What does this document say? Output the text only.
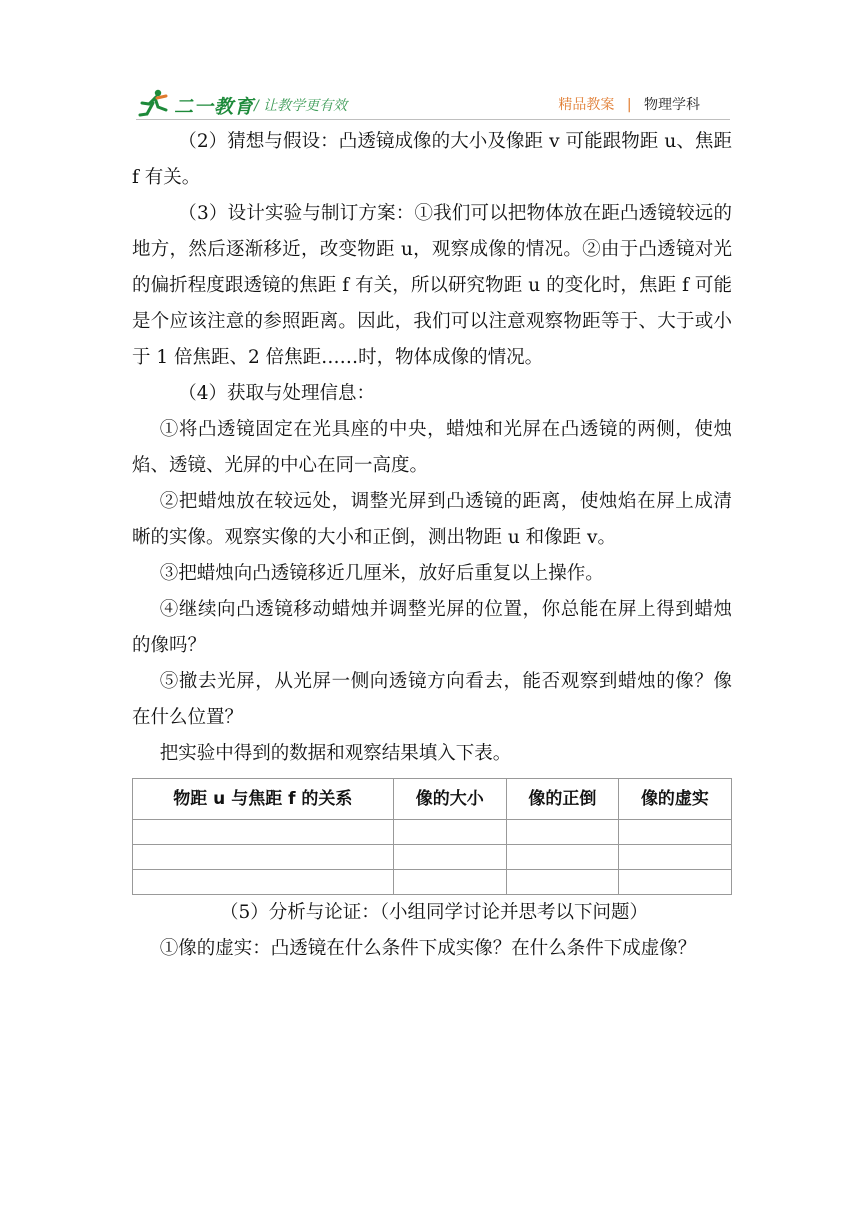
二一教育 / 让教学更有效	精品教案 | 物理学科

（2）猜想与假设：凸透镜成像的大小及像距 v 可能跟物距 u、焦距 f 有关。

（3）设计实验与制订方案：①我们可以把物体放在距凸透镜较远的地方，然后逐渐移近，改变物距 u，观察成像的情况。②由于凸透镜对光的偏折程度跟透镜的焦距 f 有关，所以研究物距 u 的变化时，焦距 f 可能是个应该注意的参照距离。因此，我们可以注意观察物距等于、大于或小于 1 倍焦距、2 倍焦距……时，物体成像的情况。

（4）获取与处理信息：

①将凸透镜固定在光具座的中央，蜡烛和光屏在凸透镜的两侧，使烛焰、透镜、光屏的中心在同一高度。

②把蜡烛放在较远处，调整光屏到凸透镜的距离，使烛焰在屏上成清晰的实像。观察实像的大小和正倒，测出物距 u 和像距 v。

③把蜡烛向凸透镜移近几厘米，放好后重复以上操作。

④继续向凸透镜移动蜡烛并调整光屏的位置，你总能在屏上得到蜡烛的像吗？

⑤撤去光屏，从光屏一侧向透镜方向看去，能否观察到蜡烛的像？像在什么位置？

把实验中得到的数据和观察结果填入下表。

物距 u 与焦距 f 的关系	像的大小	像的正倒	像的虚实

（5）分析与论证：（小组同学讨论并思考以下问题）

①像的虚实：凸透镜在什么条件下成实像？在什么条件下成虚像？
